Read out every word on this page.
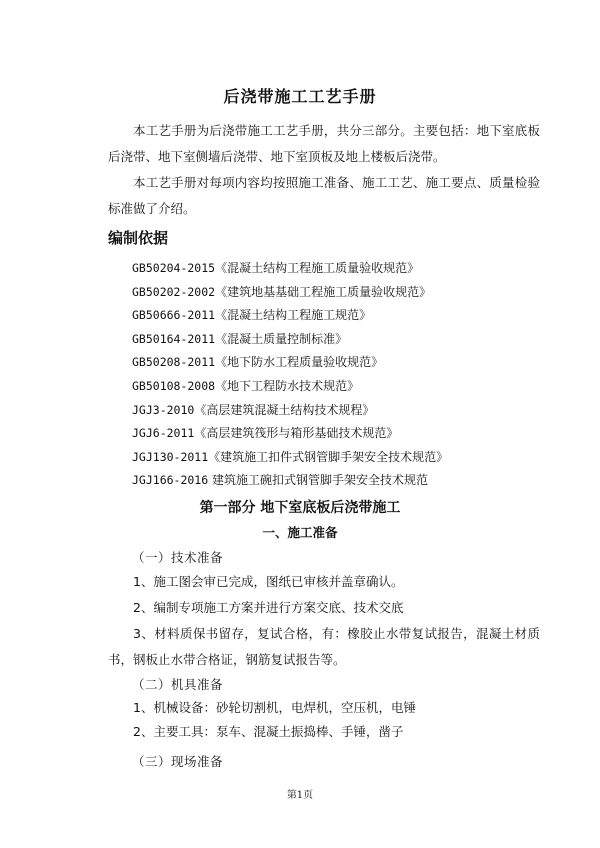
后浇带施工工艺手册
本工艺手册为后浇带施工工艺手册，共分三部分。主要包括：地下室底板后浇带、地下室侧墙后浇带、地下室顶板及地上楼板后浇带。
本工艺手册对每项内容均按照施工准备、施工工艺、施工要点、质量检验标准做了介绍。
编制依据
GB50204-2015《混凝土结构工程施工质量验收规范》
GB50202-2002《建筑地基基础工程施工质量验收规范》
GB50666-2011《混凝土结构工程施工规范》
GB50164-2011《混凝土质量控制标准》
GB50208-2011《地下防水工程质量验收规范》
GB50108-2008《地下工程防水技术规范》
JGJ3-2010《高层建筑混凝土结构技术规程》
JGJ6-2011《高层建筑筏形与箱形基础技术规范》
JGJ130-2011《建筑施工扣件式钢管脚手架安全技术规范》
JGJ166-2016 建筑施工碗扣式钢管脚手架安全技术规范
第一部分 地下室底板后浇带施工
一、施工准备
（一）技术准备
1、施工图会审已完成，图纸已审核并盖章确认。
2、编制专项施工方案并进行方案交底、技术交底
3、材料质保书留存，复试合格，有：橡胶止水带复试报告，混凝土材质书，钢板止水带合格证，钢筋复试报告等。
（二）机具准备
1、机械设备：砂轮切割机，电焊机，空压机，电锤
2、主要工具：泵车、混凝土振捣棒、手锤，凿子
（三）现场准备
第1页
